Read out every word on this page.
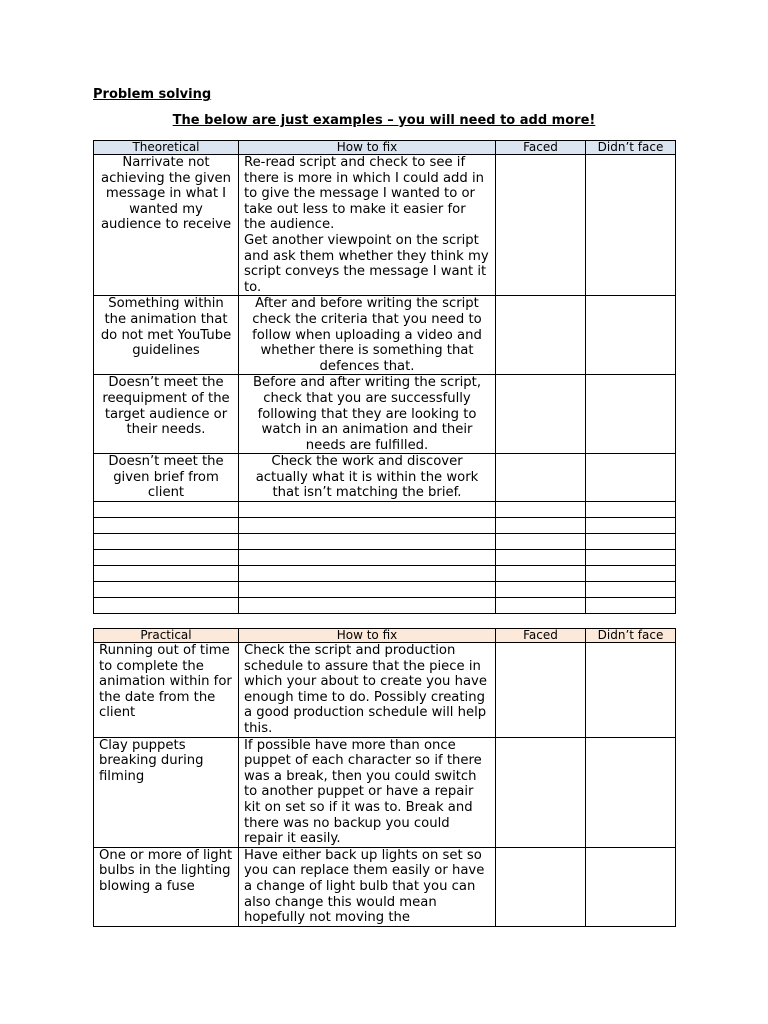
Problem solving
The below are just examples – you will need to add more!
Theoretical	How to fix	Faced	Didn’t face
Narrivate not achieving the given message in what I wanted my audience to receive	Re-read script and check to see if there is more in which I could add in to give the message I wanted to or take out less to make it easier for the audience.
Get another viewpoint on the script and ask them whether they think my script conveys the message I want it to.		
Something within the animation that do not met YouTube guidelines	After and before writing the script check the criteria that you need to follow when uploading a video and whether there is something that defences that.		
Doesn’t meet the reequipment of the target audience or their needs.	Before and after writing the script, check that you are successfully following that they are looking to watch in an animation and their needs are fulfilled.		
Doesn’t meet the given brief from client	Check the work and discover actually what it is within the work that isn’t matching the brief.		

Practical	How to fix	Faced	Didn’t face
Running out of time to complete the animation within for the date from the client	Check the script and production schedule to assure that the piece in which your about to create you have enough time to do. Possibly creating a good production schedule will help this.		
Clay puppets breaking during filming	If possible have more than once puppet of each character so if there was a break, then you could switch to another puppet or have a repair kit on set so if it was to. Break and there was no backup you could repair it easily.		
One or more of light bulbs in the lighting blowing a fuse	Have either back up lights on set so you can replace them easily or have a change of light bulb that you can also change this would mean hopefully not moving the		
